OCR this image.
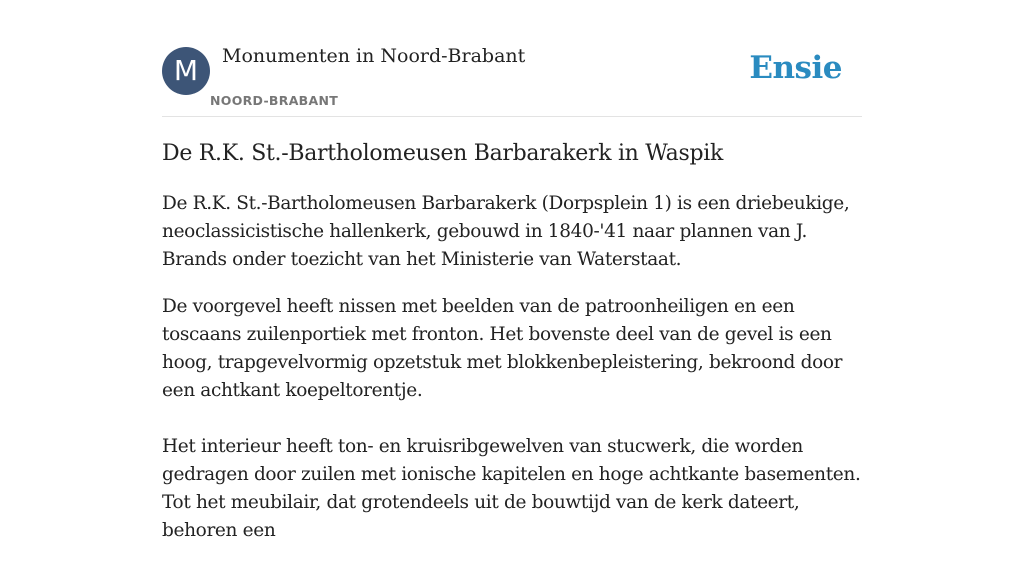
M	Monumenten in Noord-Brabant
NOORD-BRABANT
Ensie
De R.K. St.-Bartholomeusen Barbarakerk in Waspik

De R.K. St.-Bartholomeusen Barbarakerk (Dorpsplein 1) is een driebeukige, neoclassicistische hallenkerk, gebouwd in 1840-'41 naar plannen van J. Brands onder toezicht van het Ministerie van Waterstaat.

De voorgevel heeft nissen met beelden van de patroonheiligen en een toscaans zuilenportiek met fronton. Het bovenste deel van de gevel is een hoog, trapgevelvormig opzetstuk met blokkenbepleistering, bekroond door een achtkant koepeltorentje.

Het interieur heeft ton- en kruisribgewelven van stucwerk, die worden gedragen door zuilen met ionische kapitelen en hoge achtkante basementen. Tot het meubilair, dat grotendeels uit de bouwtijd van de kerk dateert, behoren een
